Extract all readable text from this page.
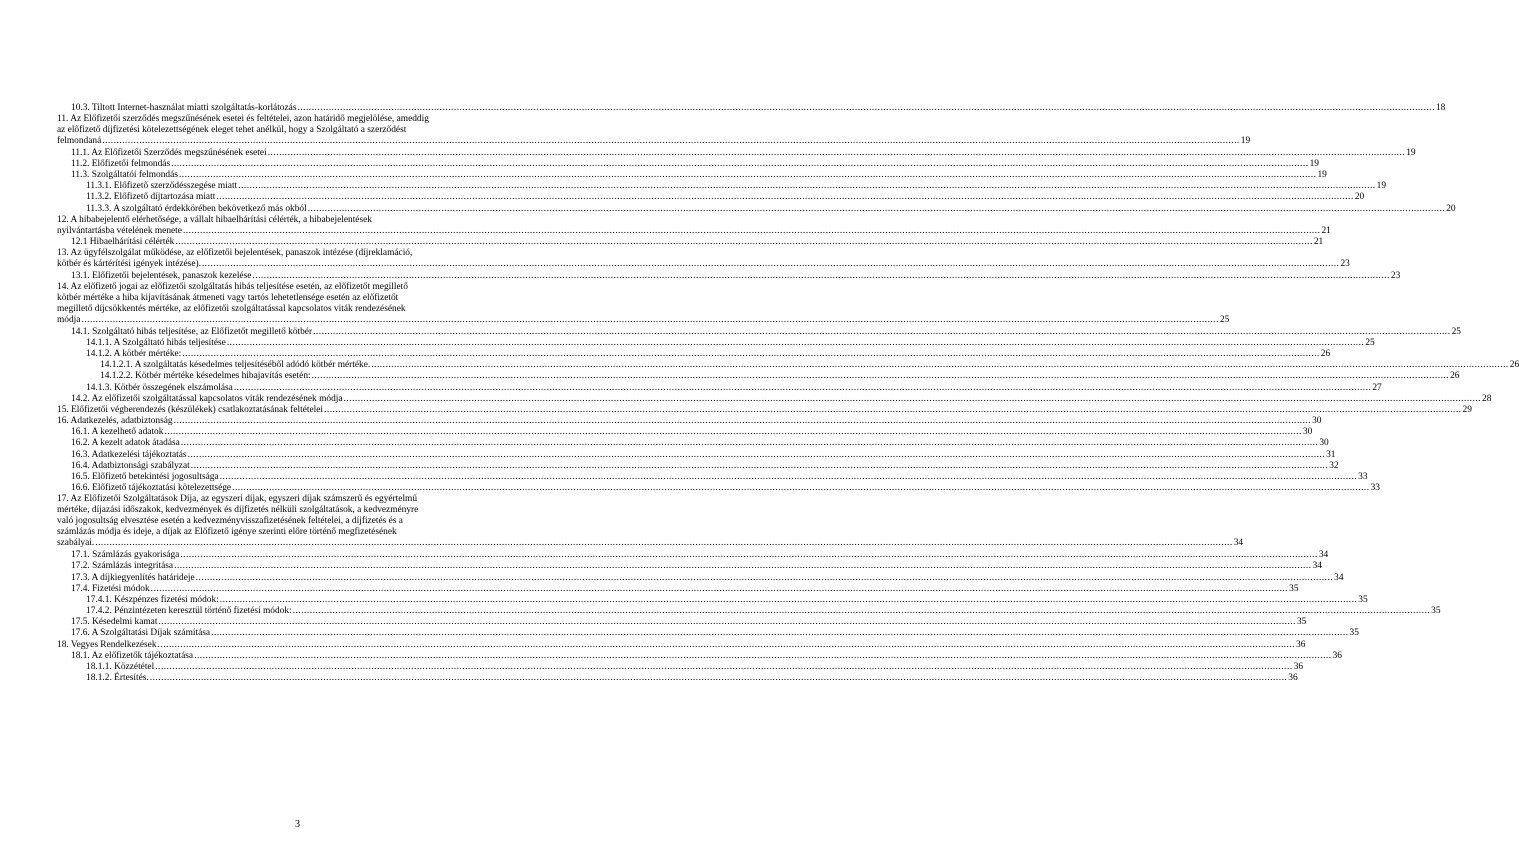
10.3. Tiltott Internet-használat miatti szolgáltatás-korlátozás ................................................................................................................................................................................................................................................................................................................................................................................................................ 18
11. Az Előfizetői szerződés megszűnésének esetei és feltételei, azon határidő megjelölése, ameddig
az előfizető díjfizetési kötelezettségének eleget tehet anélkül, hogy a Szolgáltató a szerződést
felmondaná ................................................................................................................................................................................................................................................................................................................................................................................................................ 19
11.1. Az Előfizetői Szerződés megszűnésének esetei ................................................................................................................................................................................................................................................................................................................................................................................................................ 19
11.2. Előfizetői felmondás ................................................................................................................................................................................................................................................................................................................................................................................................................ 19
11.3. Szolgáltatói felmondás ................................................................................................................................................................................................................................................................................................................................................................................................................ 19
11.3.1. Előfizető szerződésszegése miatt ................................................................................................................................................................................................................................................................................................................................................................................................................ 19
11.3.2. Előfizető díjtartozása miatt ................................................................................................................................................................................................................................................................................................................................................................................................................ 20
11.3.3. A szolgáltató érdekkörében bekövetkező más okból ................................................................................................................................................................................................................................................................................................................................................................................................................ 20
12. A hibabejelentő elérhetősége, a vállalt hibaelhárítási célérték, a hibabejelentések
nyilvántartásba vételének menete ................................................................................................................................................................................................................................................................................................................................................................................................................ 21
12.1 Hibaelhárítási célérték ................................................................................................................................................................................................................................................................................................................................................................................................................ 21
13. Az ügyfélszolgálat működése, az előfizetői bejelentések, panaszok intézése (díjreklamáció,
kötbér és kártérítési igények intézése). ................................................................................................................................................................................................................................................................................................................................................................................................................ 23
13.1. Előfizetői bejelentések, panaszok kezelése ................................................................................................................................................................................................................................................................................................................................................................................................................ 23
14. Az előfizető jogai az előfizetői szolgáltatás hibás teljesítése esetén, az előfizetőt megillető
kötbér mértéke a hiba kijavításának átmeneti vagy tartós lehetetlensége esetén az előfizetőt
megillető díjcsökkentés mértéke, az előfizetői szolgáltatással kapcsolatos viták rendezésének
módja ................................................................................................................................................................................................................................................................................................................................................................................................................ 25
14.1. Szolgáltató hibás teljesítése, az Előfizetőt megillető kötbér ................................................................................................................................................................................................................................................................................................................................................................................................................ 25
14.1.1. A Szolgáltató hibás teljesítése ................................................................................................................................................................................................................................................................................................................................................................................................................ 25
14.1.2. A kötbér mértéke: ................................................................................................................................................................................................................................................................................................................................................................................................................ 26
14.1.2.1. A szolgáltatás késedelmes teljesítéséből adódó kötbér mértéke. ................................................................................................................................................................................................................................................................................................................................................................................................................ 26
14.1.2.2. Kötbér mértéke késedelmes hibajavítás esetén: ................................................................................................................................................................................................................................................................................................................................................................................................................ 26
14.1.3. Kötbér összegének elszámolása ................................................................................................................................................................................................................................................................................................................................................................................................................ 27
14.2. Az előfizetői szolgáltatással kapcsolatos viták rendezésének módja ................................................................................................................................................................................................................................................................................................................................................................................................................ 28
15. Előfizetői végberendezés (készülékek) csatlakoztatásának feltételei ................................................................................................................................................................................................................................................................................................................................................................................................................ 29
16. Adatkezelés, adatbiztonság ................................................................................................................................................................................................................................................................................................................................................................................................................ 30
16.1. A kezelhető adatok ................................................................................................................................................................................................................................................................................................................................................................................................................ 30
16.2. A kezelt adatok átadása ................................................................................................................................................................................................................................................................................................................................................................................................................ 30
16.3. Adatkezelési tájékoztatás ................................................................................................................................................................................................................................................................................................................................................................................................................ 31
16.4. Adatbiztonsági szabályzat ................................................................................................................................................................................................................................................................................................................................................................................................................ 32
16.5. Előfizető betekintési jogosultsága ................................................................................................................................................................................................................................................................................................................................................................................................................ 33
16.6. Előfizető tájékoztatási kötelezettsége ................................................................................................................................................................................................................................................................................................................................................................................................................ 33
17. Az Előfizetői Szolgáltatások Díja, az egyszeri díjak, egyszeri díjak számszerű és egyértelmű
mértéke, díjazási időszakok, kedvezmények és díjfizetés nélküli szolgáltatások, a kedvezményre
való jogosultság elvesztése esetén a kedvezményvisszafizetésének feltételei, a díjfizetés és a
számlázás módja és ideje, a díjak az Előfizető igénye szerinti előre történő megfizetésének
szabályai. ................................................................................................................................................................................................................................................................................................................................................................................................................ 34
17.1. Számlázás gyakorisága ................................................................................................................................................................................................................................................................................................................................................................................................................ 34
17.2. Számlázás integritása ................................................................................................................................................................................................................................................................................................................................................................................................................ 34
17.3. A díjkiegyenlítés határideje ................................................................................................................................................................................................................................................................................................................................................................................................................ 34
17.4. Fizetési módok ................................................................................................................................................................................................................................................................................................................................................................................................................ 35
17.4.1. Készpénzes fizetési módok: ................................................................................................................................................................................................................................................................................................................................................................................................................ 35
17.4.2. Pénzintézeten keresztül történő fizetési módok: ................................................................................................................................................................................................................................................................................................................................................................................................................ 35
17.5. Késedelmi kamat ................................................................................................................................................................................................................................................................................................................................................................................................................ 35
17.6. A Szolgáltatási Díjak számítása ................................................................................................................................................................................................................................................................................................................................................................................................................ 35
18. Vegyes Rendelkezések ................................................................................................................................................................................................................................................................................................................................................................................................................ 36
18.1. Az előfizetők tájékoztatása ................................................................................................................................................................................................................................................................................................................................................................................................................ 36
18.1.1. Közzététel ................................................................................................................................................................................................................................................................................................................................................................................................................ 36
18.1.2. Értesítés. ................................................................................................................................................................................................................................................................................................................................................................................................................ 36
3
